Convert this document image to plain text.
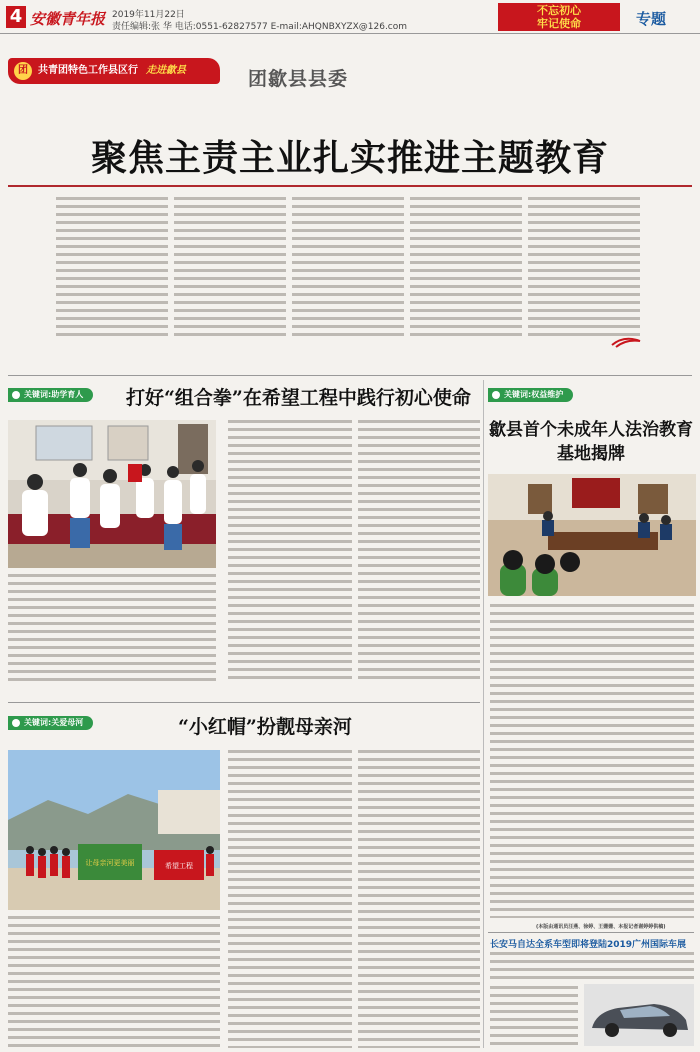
4 安徽青年报 2019年11月22日
责任编辑:张 华 电话:0551-62827577 E-mail:AHQNBXYZX@126.com
不忘初心
牢记使命	专题
团	共青团特色工作县区行 走进歙县	团歙县县委
聚焦主责主业扎实推进主题教育
关键词:助学育人	打好“组合拳”在希望工程中践行初心使命
关键词:关爱母河	“小红帽”扮靓母亲河
让母亲河更美丽	希望工程
关键词:权益维护
歙县首个未成年人法治教育基地揭牌
(本版由通讯员汪燕、徐婷、王姗姗、本报记者谢婷婷供稿)
长安马自达全系车型即将登陆2019广州国际车展
